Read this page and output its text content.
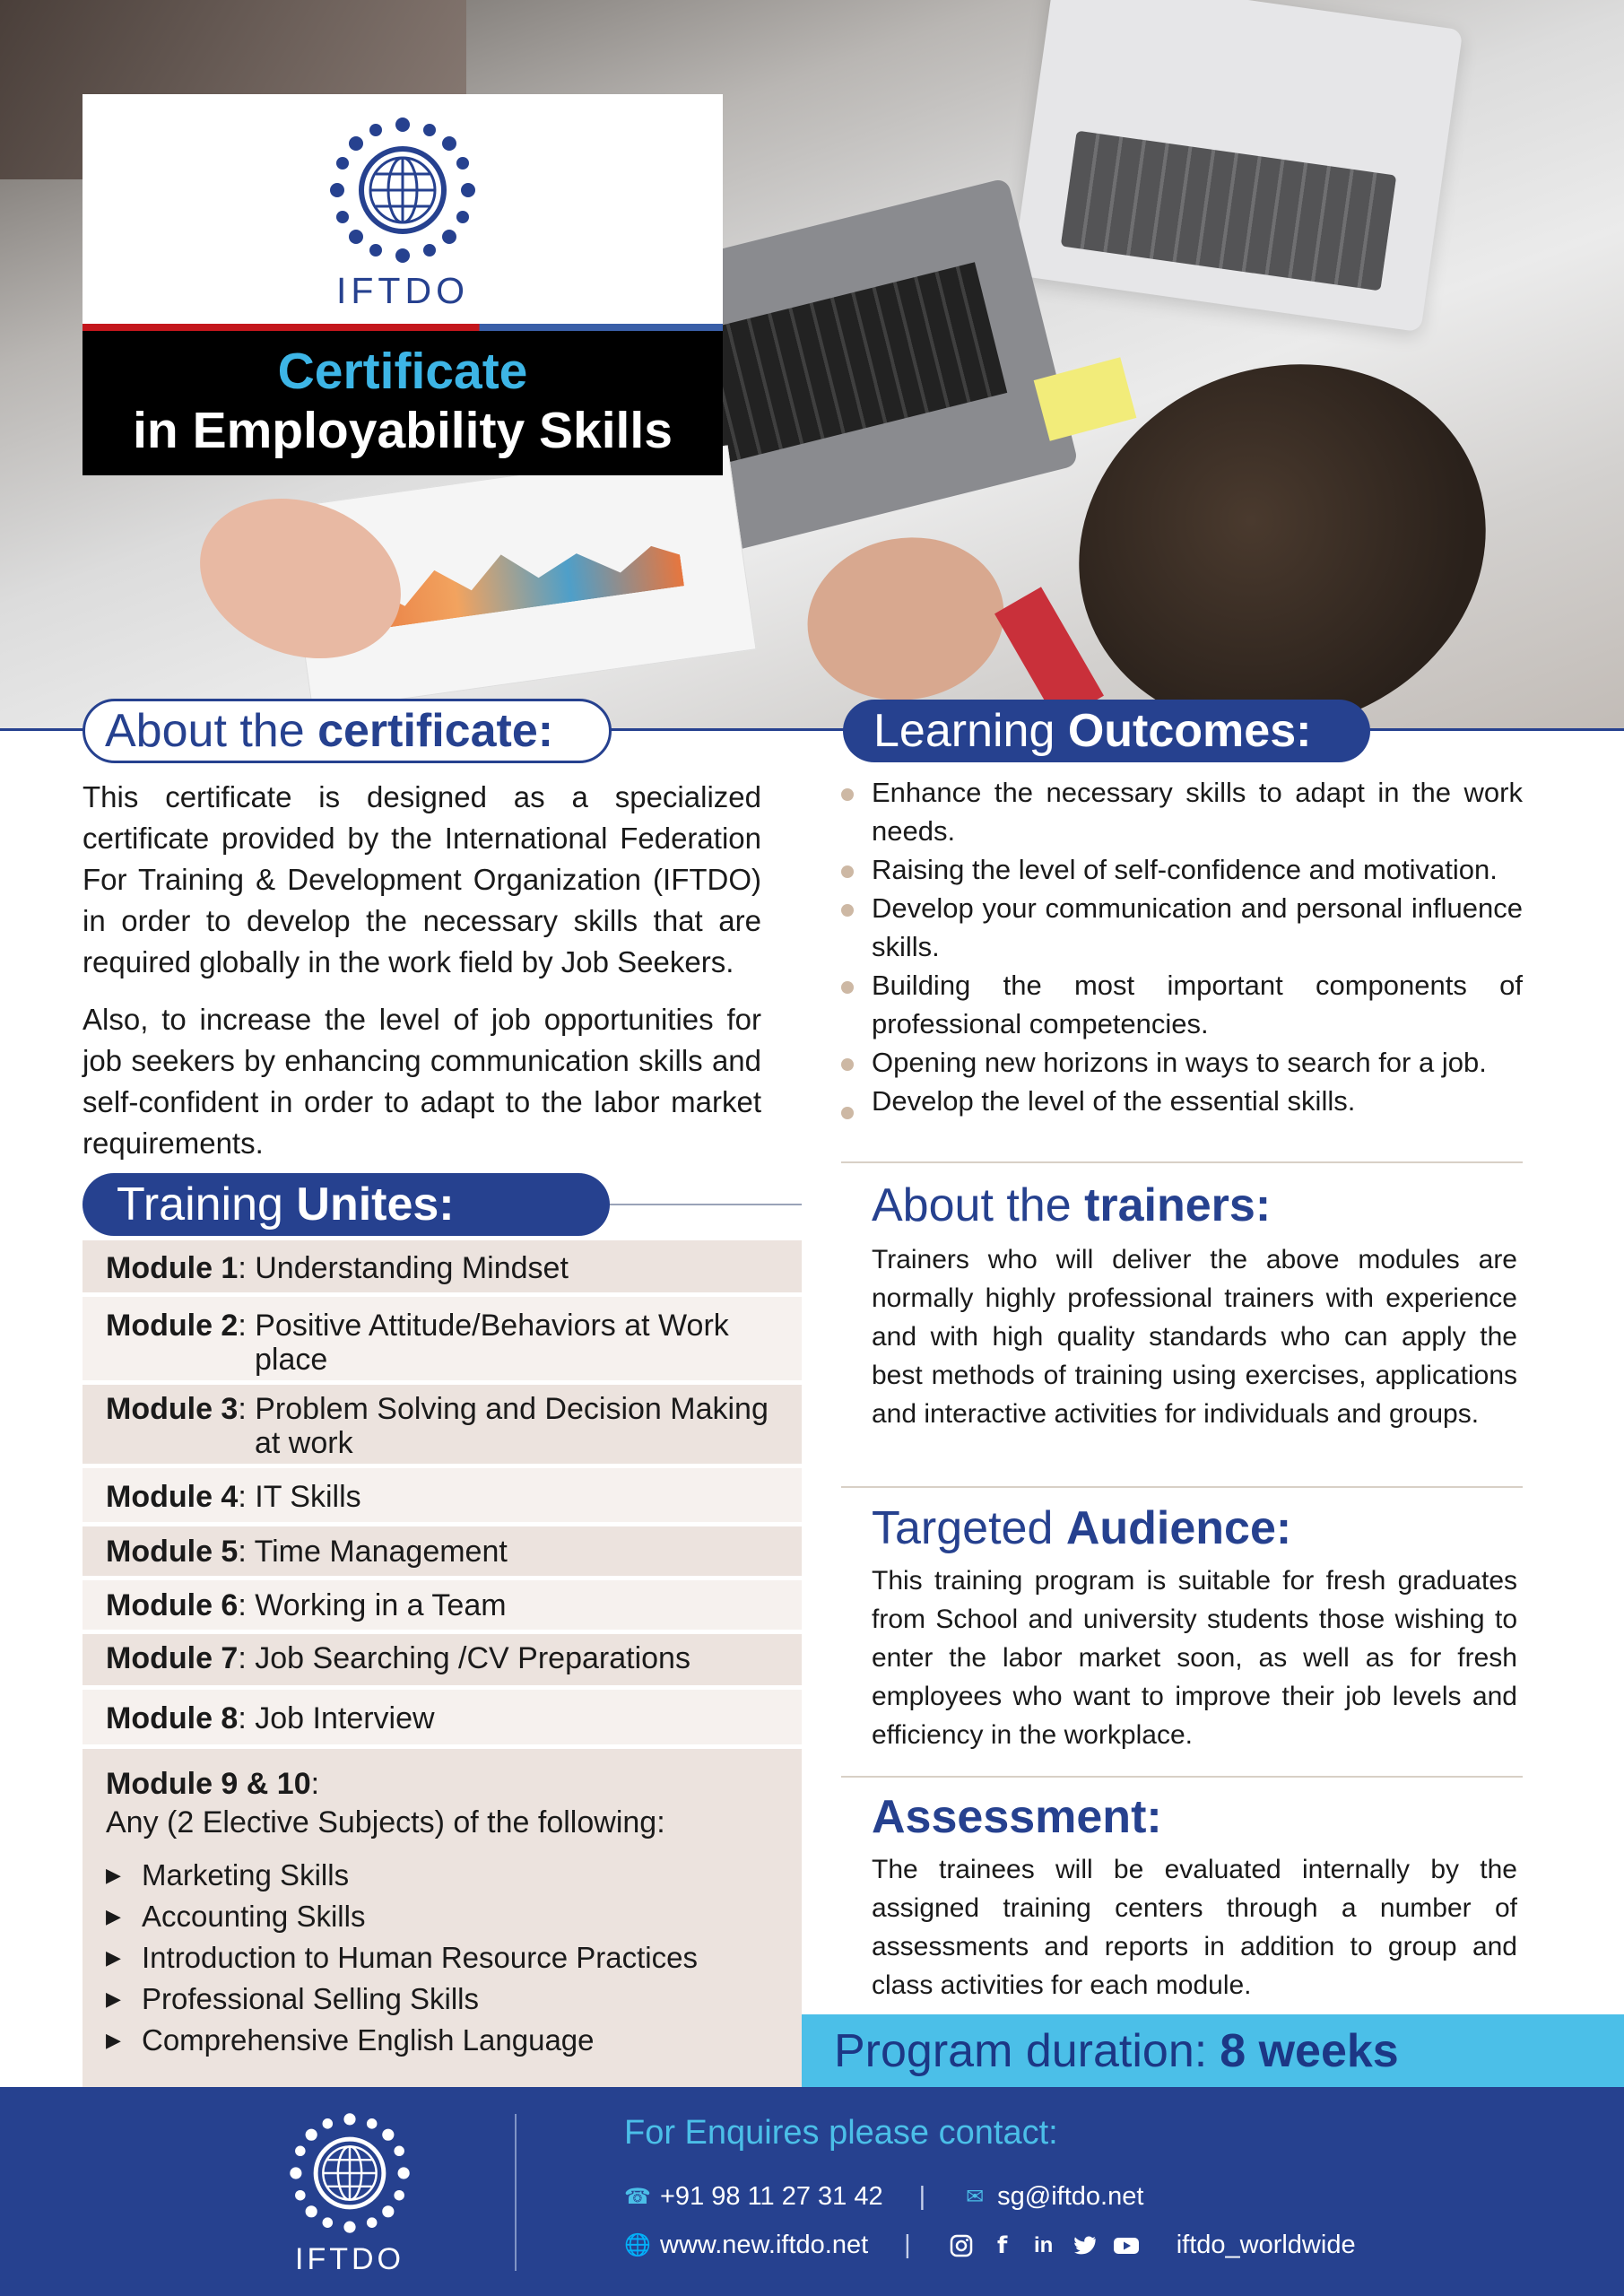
IFTDO
Certificate
in Employability Skills
About the
certificate:

This certificate is designed as a specialized certificate provided by the International Federation For Training & Development Organization (IFTDO) in order to develop the necessary skills that are required globally in the work field by Job Seekers.

Also, to increase the level of job opportunities for job seekers by enhancing communication skills and self-confident in order to adapt to the labor market requirements.

Learning
Outcomes:
Enhance the necessary skills to adapt in the work needs.
Raising the level of self-confidence and motivation.
Develop your communication and personal influence skills.
Building the most important components of professional competencies.
Opening new horizons in ways to search for a job.
Develop the level of the essential skills.
About the trainers:
Trainers who will deliver the above modules are normally highly professional trainers with experience and with high quality standards who can apply the best methods of training using exercises, applications and interactive activities for individuals and groups.
Targeted Audience:
This training program is suitable for fresh graduates from School and university students those wishing to enter the labor market soon, as well as for fresh employees who want to improve their job levels and efficiency in the workplace.
Assessment:
The trainees will be evaluated internally by the assigned training centers through a number of assessments and reports in addition to group and class activities for each module.
Training
Unites:
Module 1: Understanding Mindset
Module 2: Positive Attitude/Behaviors at Work
place
Module 3: Problem Solving and Decision Making
at work
Module 4: IT Skills
Module 5: Time Management
Module 6: Working in a Team
Module 7: Job Searching /CV Preparations
Module 8: Job Interview
Module 9 & 10:
Any (2 Elective Subjects) of the following:
▶ Marketing Skills
▶ Accounting Skills
▶ Introduction to Human Resource Practices
▶ Professional Selling Skills
▶ Comprehensive English Language	Program duration: 8 weeks
IFTDO
For Enquires please contact:
☎ +91 98 11 27 31 42 | ✉ sg@iftdo.net
🌐 www.new.iftdo.net |	f	in	iftdo_worldwide
